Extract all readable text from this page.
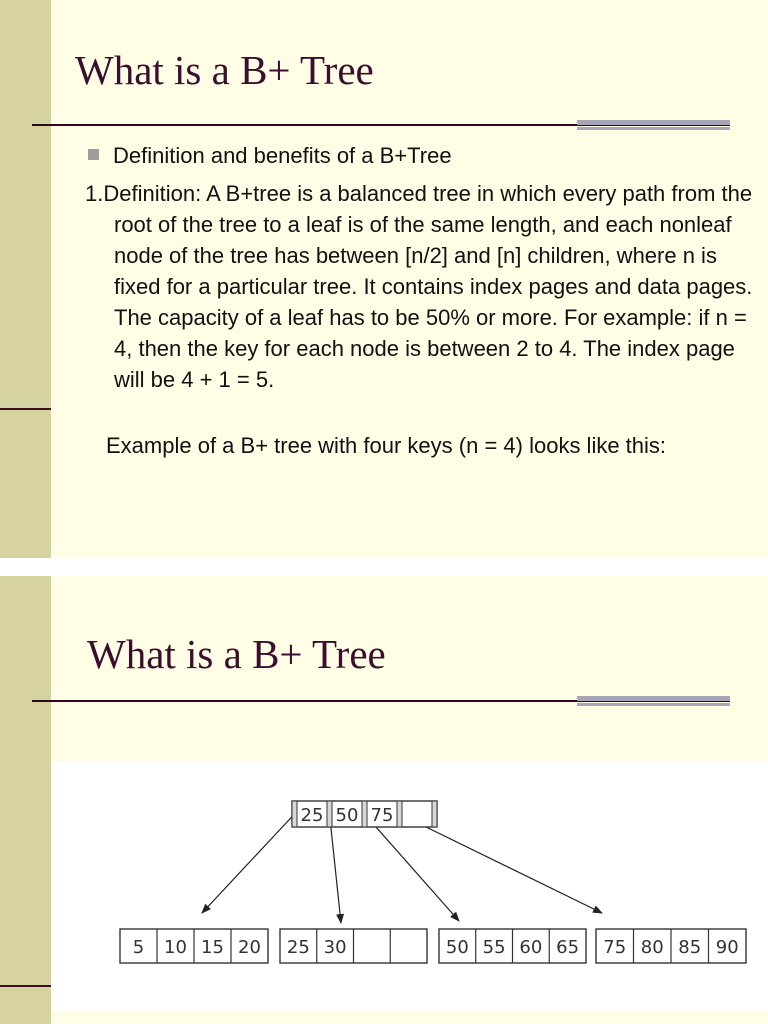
What is a B+ Tree
Definition and benefits of a B+Tree

1.Definition: A B+tree is a balanced tree in which every path from the root of the tree to a leaf is of the same length, and each nonleaf node of the tree has between [n/2] and [n] children, where n is fixed for a particular tree. It contains index pages and data pages. The capacity of a leaf has to be 50% or more. For example: if n = 4, then the key for each node is between 2 to 4. The index page will be 4 + 1 = 5.

Example of a B+ tree with four keys (n = 4) looks like this:

What is a B+ Tree
25 50 75
5 10 15 20 25 30	50 55 60 65 75 80 85 90
